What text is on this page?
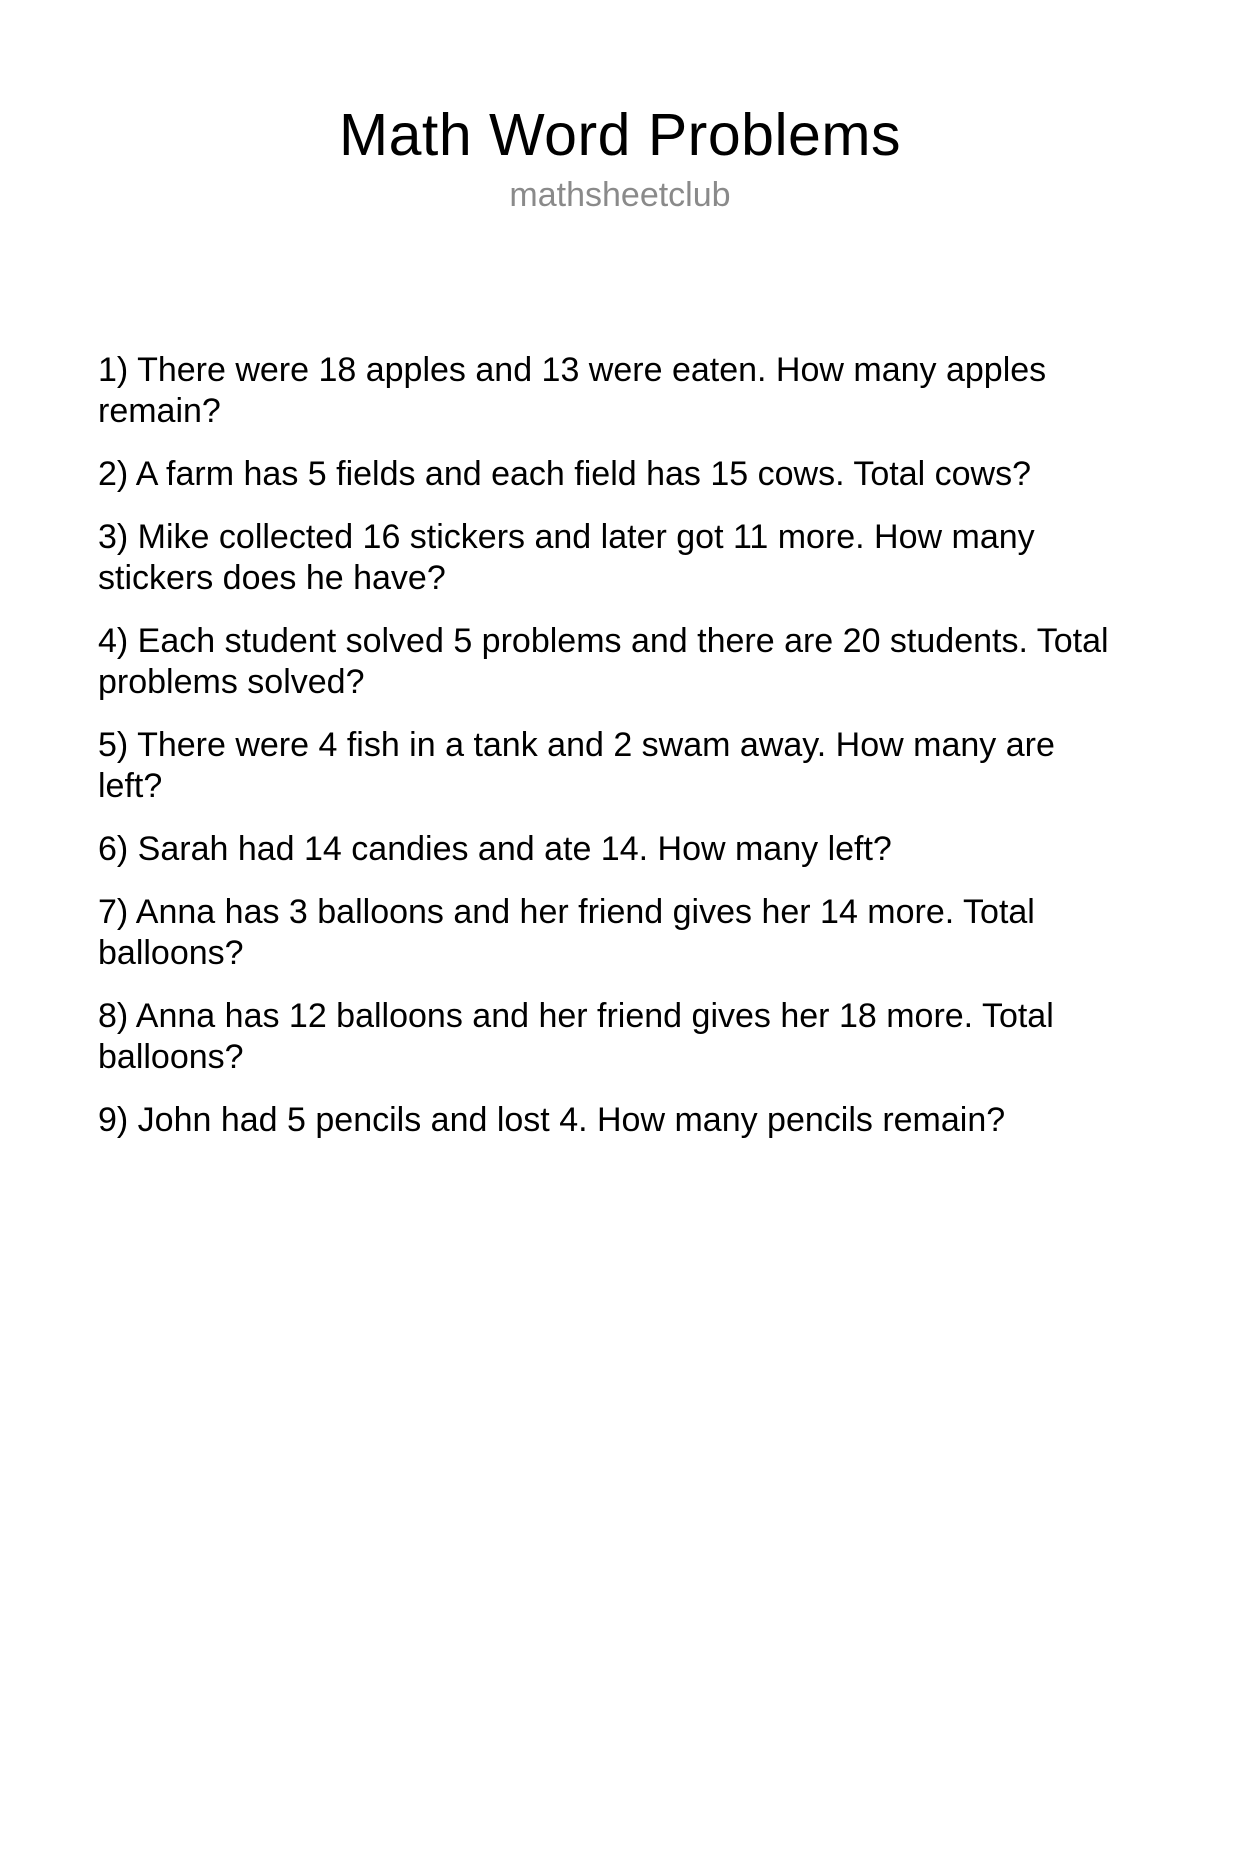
Math Word Problems
mathsheetclub

1) There were 18 apples and 13 were eaten. How many apples remain?

2) A farm has 5 fields and each field has 15 cows. Total cows?

3) Mike collected 16 stickers and later got 11 more. How many stickers does he have?

4) Each student solved 5 problems and there are 20 students. Total problems solved?

5) There were 4 fish in a tank and 2 swam away. How many are left?

6) Sarah had 14 candies and ate 14. How many left?

7) Anna has 3 balloons and her friend gives her 14 more. Total balloons?

8) Anna has 12 balloons and her friend gives her 18 more. Total balloons?

9) John had 5 pencils and lost 4. How many pencils remain?
